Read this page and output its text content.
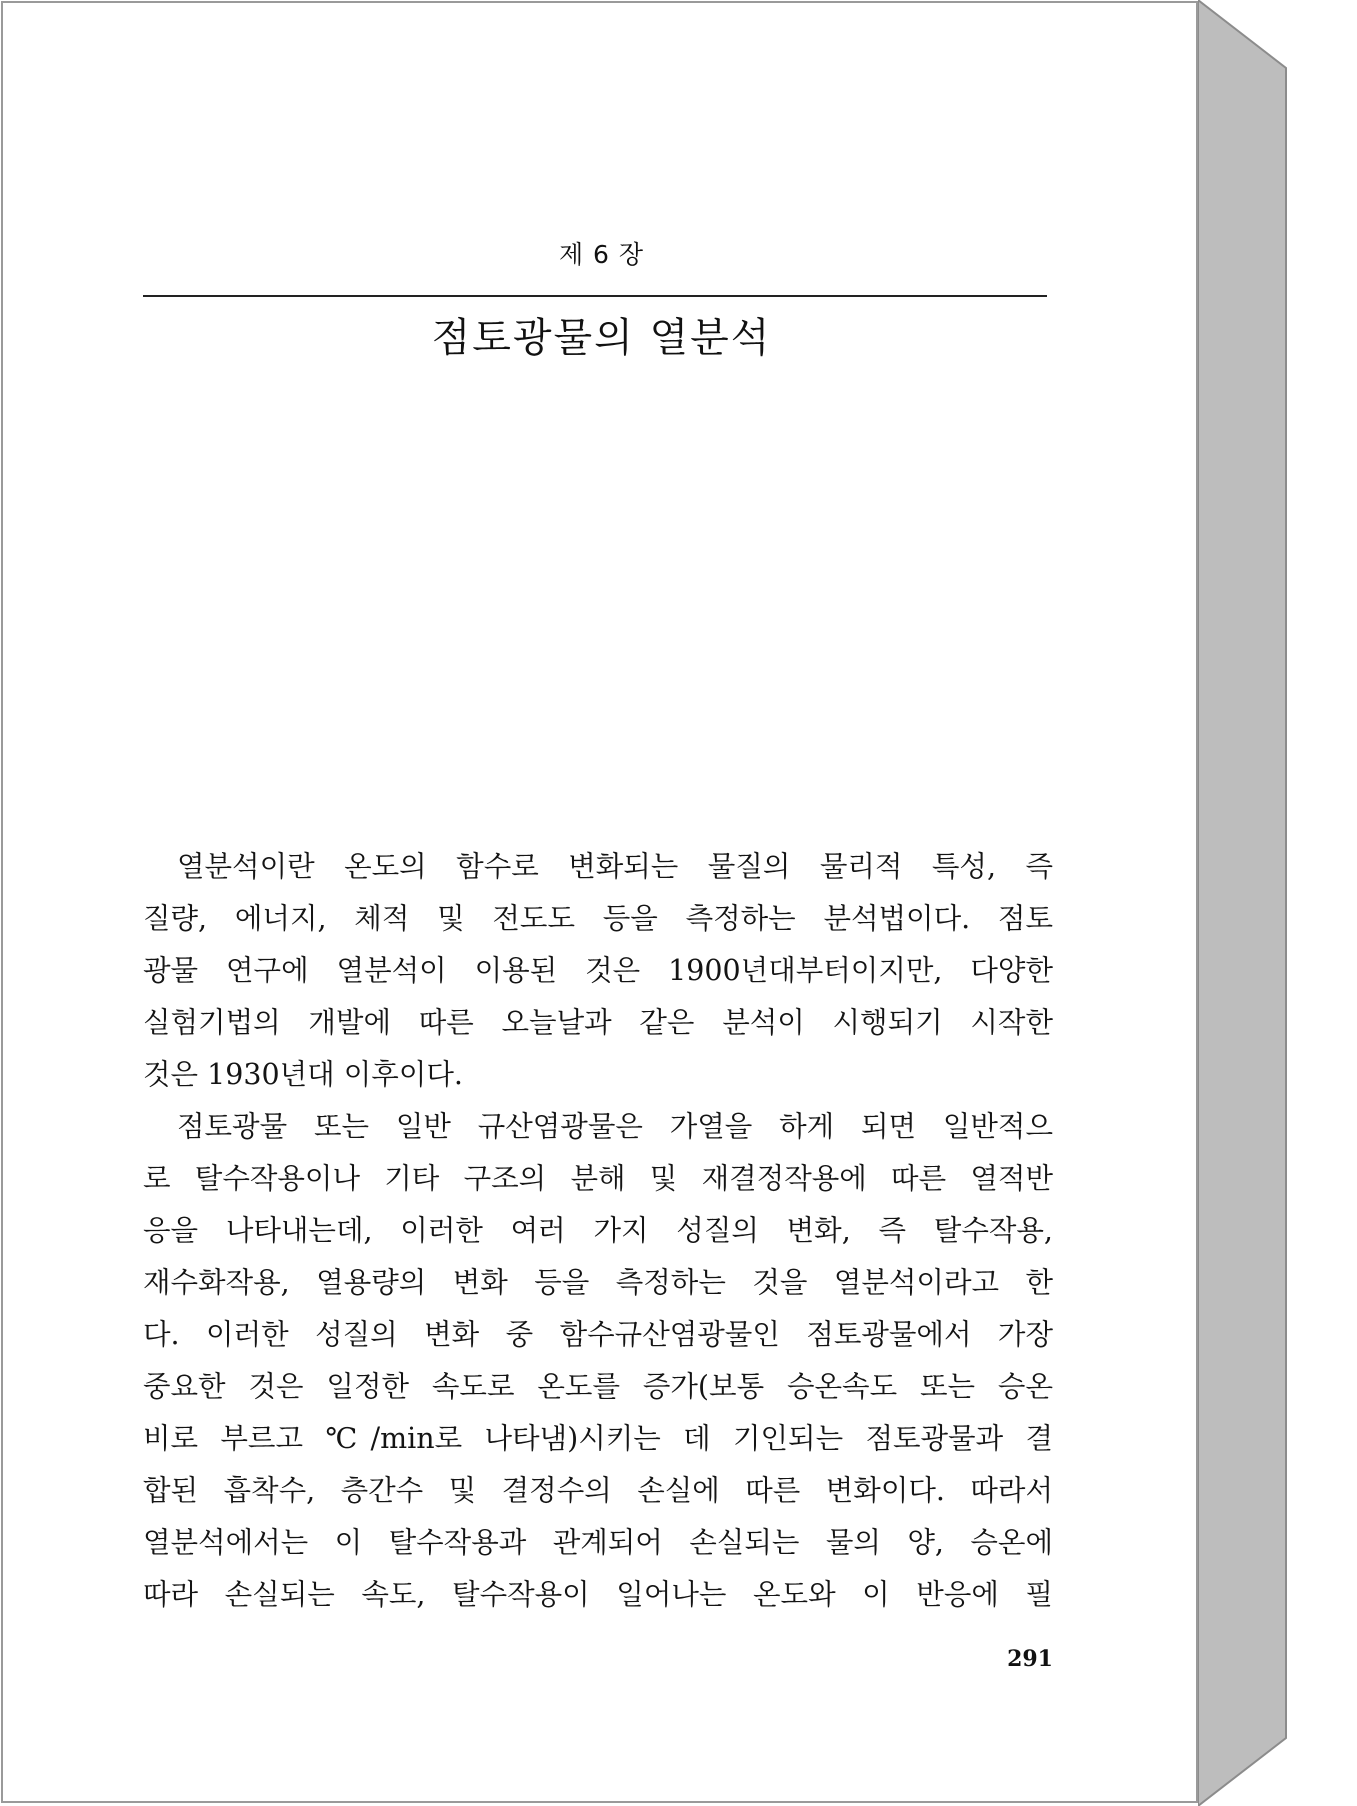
제 6 장
점토광물의 열분석
열분석이란 온도의 함수로 변화되는 물질의 물리적 특성, 즉
질량, 에너지, 체적 및 전도도 등을 측정하는 분석법이다. 점토
광물 연구에 열분석이 이용된 것은 1900년대부터이지만, 다양한
실험기법의 개발에 따른 오늘날과 같은 분석이 시행되기 시작한
것은 1930년대 이후이다.
점토광물 또는 일반 규산염광물은 가열을 하게 되면 일반적으
로 탈수작용이나 기타 구조의 분해 및 재결정작용에 따른 열적반
응을 나타내는데, 이러한 여러 가지 성질의 변화, 즉 탈수작용,
재수화작용, 열용량의 변화 등을 측정하는 것을 열분석이라고 한
다. 이러한 성질의 변화 중 함수규산염광물인 점토광물에서 가장
중요한 것은 일정한 속도로 온도를 증가(보통 승온속도 또는 승온
비로 부르고 ℃/min로 나타냄)시키는 데 기인되는 점토광물과 결
합된 흡착수, 층간수 및 결정수의 손실에 따른 변화이다. 따라서
열분석에서는 이 탈수작용과 관계되어 손실되는 물의 양, 승온에
따라 손실되는 속도, 탈수작용이 일어나는 온도와 이 반응에 필
291
